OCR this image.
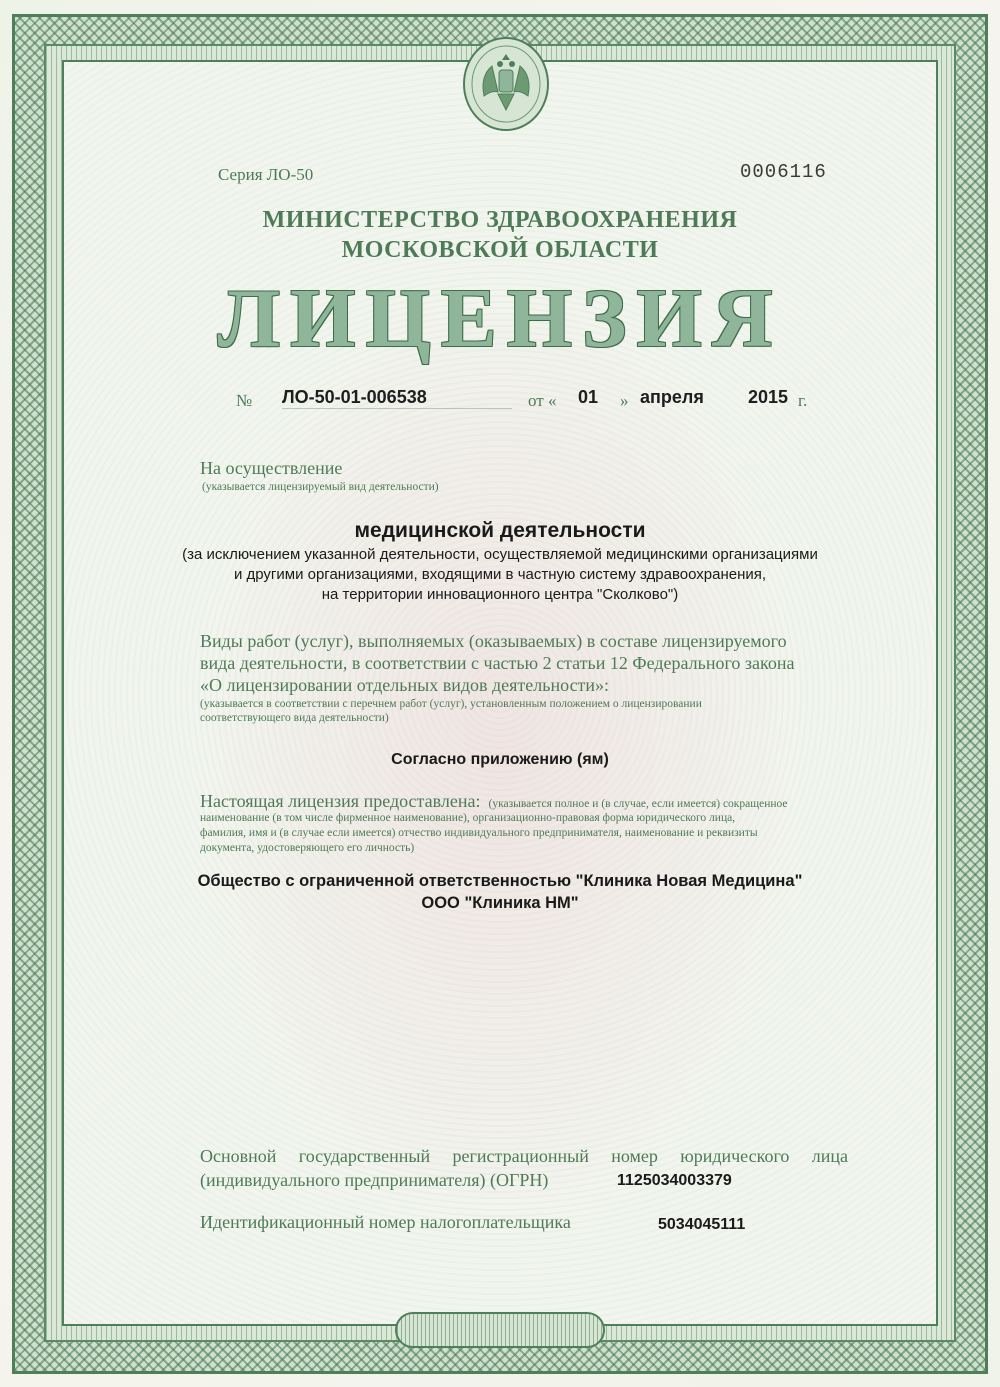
Серия ЛО-50	0006116
МИНИСТЕРСТВО ЗДРАВООХРАНЕНИЯ
МОСКОВСКОЙ ОБЛАСТИ
ЛИЦЕНЗИЯ
№ ЛО-50-01-006538	от « 01 » апреля 2015 г.
На осуществление
(указывается лицензируемый вид деятельности)
медицинской деятельности
(за исключением указанной деятельности, осуществляемой медицинскими организациями
и другими организациями, входящими в частную систему здравоохранения,
на территории инновационного центра "Сколково")
Виды работ (услуг), выполняемых (оказываемых) в составе лицензируемого
вида деятельности, в соответствии с частью 2 статьи 12 Федерального закона
«О лицензировании отдельных видов деятельности»:
(указывается в соответствии с перечнем работ (услуг), установленным положением о лицензировании
соответствующего вида деятельности)
Согласно приложению (ям)
Настоящая лицензия предоставлена: (указывается полное и (в случае, если имеется) сокращенное
наименование (в том числе фирменное наименование), организационно-правовая форма юридического лица,
фамилия, имя и (в случае если имеется) отчество индивидуального предпринимателя, наименование и реквизиты
документа, удостоверяющего его личность)
Общество с ограниченной ответственностью "Клиника Новая Медицина"
ООО "Клиника НМ"
Основной государственный регистрационный номер юридического лица
(индивидуального предпринимателя) (ОГРН)	1125034003379
Идентификационный номер налогоплательщика	5034045111
